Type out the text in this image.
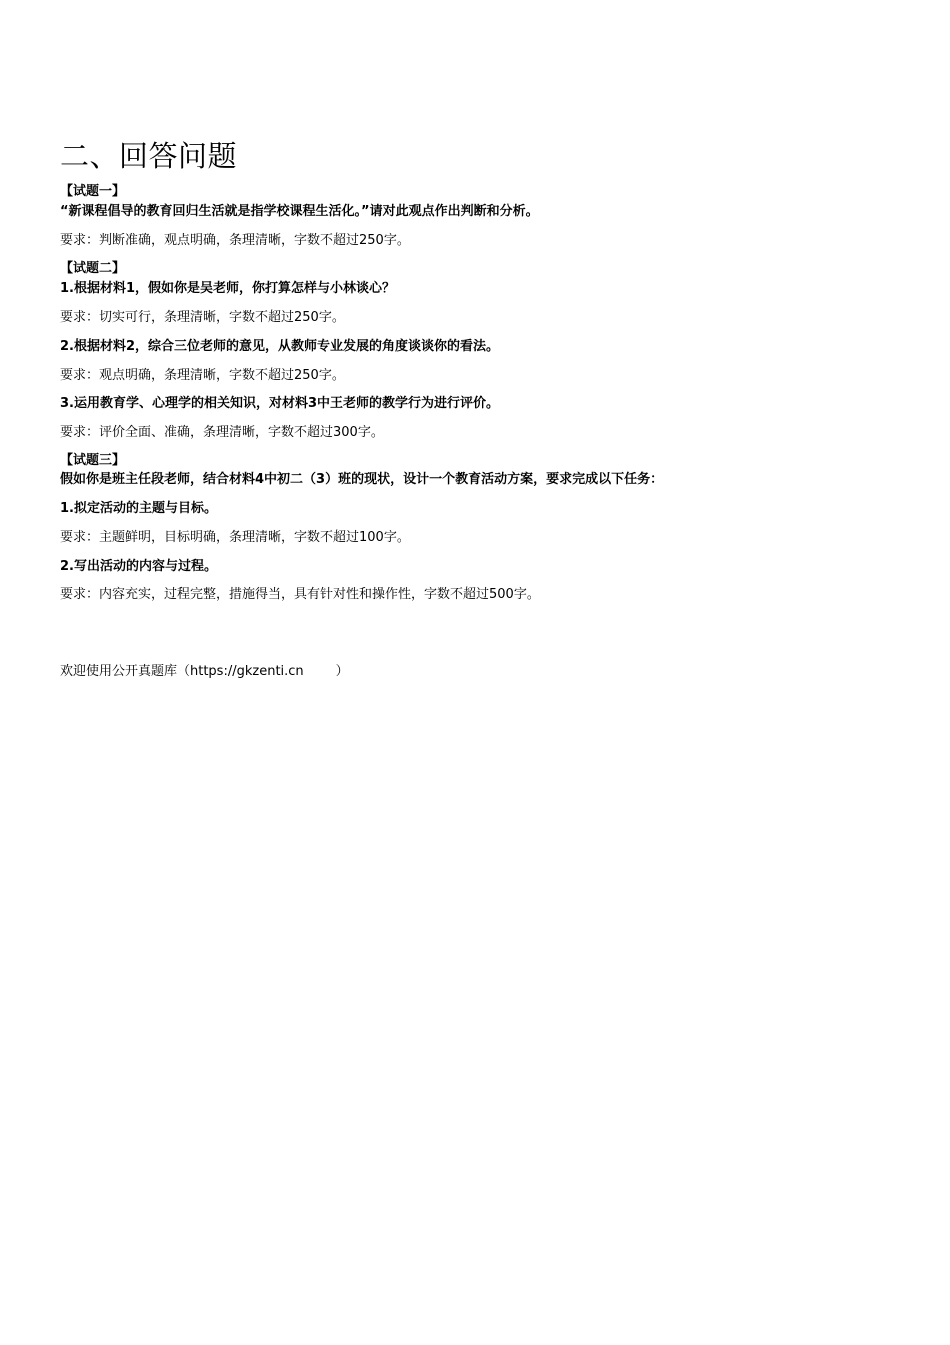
二、回答问题
【试题一】
“新课程倡导的教育回归生活就是指学校课程生活化。”请对此观点作出判断和分析。
要求：判断准确，观点明确，条理清晰，字数不超过250字。
【试题二】
1.根据材料1，假如你是吴老师，你打算怎样与小林谈心？
要求：切实可行，条理清晰，字数不超过250字。
2.根据材料2，综合三位老师的意见，从教师专业发展的角度谈谈你的看法。
要求：观点明确，条理清晰，字数不超过250字。
3.运用教育学、心理学的相关知识，对材料3中王老师的教学行为进行评价。
要求：评价全面、准确，条理清晰，字数不超过300字。
【试题三】
假如你是班主任段老师，结合材料4中初二（3）班的现状，设计一个教育活动方案，要求完成以下任务：
1.拟定活动的主题与目标。
要求：主题鲜明，目标明确，条理清晰，字数不超过100字。
2.写出活动的内容与过程。
要求：内容充实，过程完整，措施得当，具有针对性和操作性，字数不超过500字。
欢迎使用公开真题库（https://gkzenti.cn ）
